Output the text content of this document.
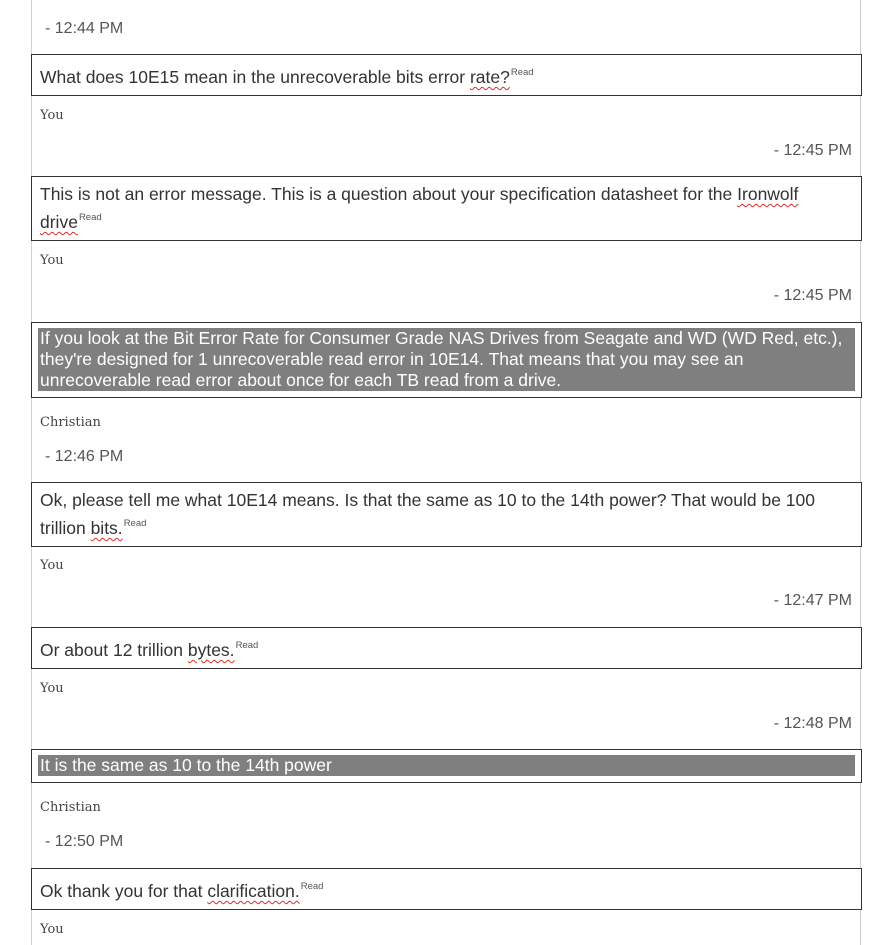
- 12:44 PM
What does 10E15 mean in the unrecoverable bits error rate?$^{Read}$
You
- 12:45 PM
This is not an error message. This is a question about your specification datasheet for the Ironwolf drive$^{Read}$
You
- 12:45 PM
If you look at the Bit Error Rate for Consumer Grade NAS Drives from Seagate and WD (WD Red, etc.), they're designed for 1 unrecoverable read error in 10E14. That means that you may see an unrecoverable read error about once for each TB read from a drive.
Christian
- 12:46 PM
Ok, please tell me what 10E14 means. Is that the same as 10 to the 14th power? That would be 100 trillion bits.$^{Read}$
You
- 12:47 PM
Or about 12 trillion bytes.$^{Read}$
You
- 12:48 PM
It is the same as 10 to the 14th power
Christian
- 12:50 PM
Ok thank you for that clarification.$^{Read}$
You
